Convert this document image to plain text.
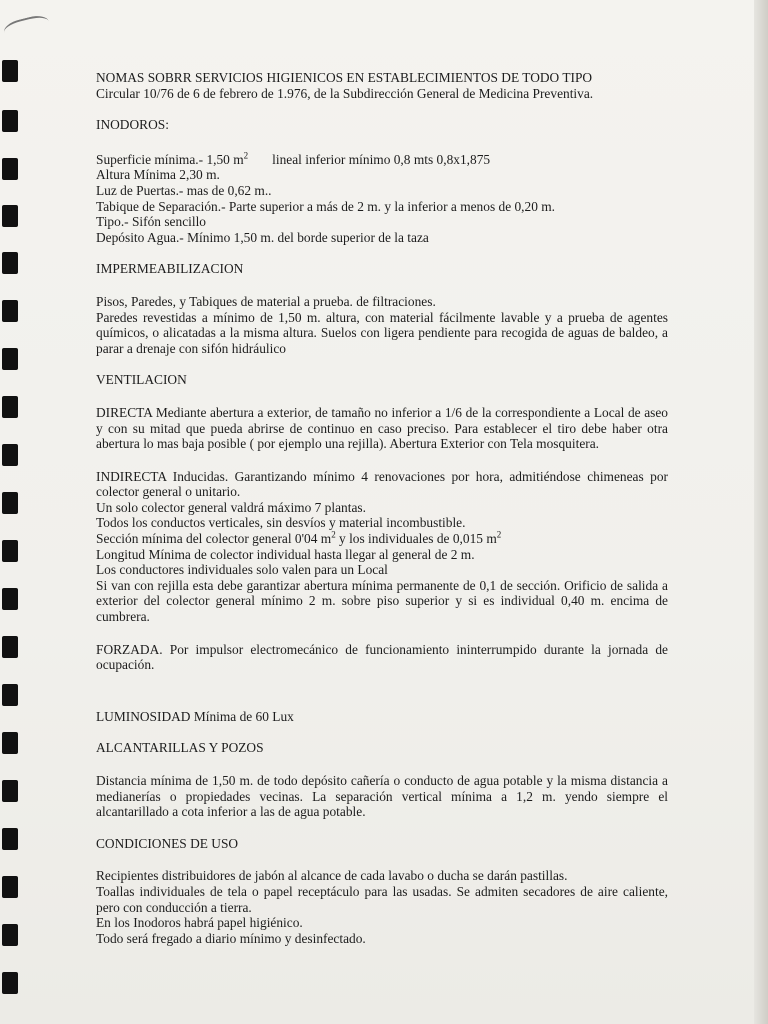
NOMAS SOBRR SERVICIOS HIGIENICOS EN ESTABLECIMIENTOS DE TODO TIPO

Circular 10/76 de 6 de febrero de 1.976, de la Subdirección General de Medicina Preventiva.

INODOROS:

Superficie mínima.- 1,50 $m^2$ lineal inferior mínimo 0,8 mts 0,8x1,875

Altura Mínima 2,30 m.

Luz de Puertas.- mas de 0,62 m..

Tabique de Separación.- Parte superior a más de 2 m. y la inferior a menos de 0,20 m.

Tipo.- Sifón sencillo

Depósito Agua.- Mínimo 1,50 m. del borde superior de la taza

IMPERMEABILIZACION

Pisos, Paredes, y Tabiques de material a prueba. de filtraciones.

Paredes revestidas a mínimo de 1,50 m. altura, con material fácilmente lavable y a prueba de agentes químicos, o alicatadas a la misma altura. Suelos con ligera pendiente para recogida de aguas de baldeo, a parar a drenaje con sifón hidráulico

VENTILACION

DIRECTA Mediante abertura a exterior, de tamaño no inferior a 1/6 de la correspondiente a Local de aseo y con su mitad que pueda abrirse de continuo en caso preciso. Para establecer el tiro debe haber otra abertura lo mas baja posible ( por ejemplo una rejilla). Abertura Exterior con Tela mosquitera.

INDIRECTA Inducidas. Garantizando mínimo 4 renovaciones por hora, admitiéndose chimeneas por colector general o unitario.

Un solo colector general valdrá máximo 7 plantas.

Todos los conductos verticales, sin desvíos y material incombustible.

Sección mínima del colector general 0'04 $m^2$ y los individuales de 0,015 $m^2$

Longitud Mínima de colector individual hasta llegar al general de 2 m.

Los conductores individuales solo valen para un Local

Si van con rejilla esta debe garantizar abertura mínima permanente de 0,1 de sección. Orificio de salida a exterior del colector general mínimo 2 m. sobre piso superior y si es individual 0,40 m. encima de cumbrera.

FORZADA. Por impulsor electromecánico de funcionamiento ininterrumpido durante la jornada de ocupación.

LUMINOSIDAD Mínima de 60 Lux

ALCANTARILLAS Y POZOS

Distancia mínima de 1,50 m. de todo depósito cañería o conducto de agua potable y la misma distancia a medianerías o propiedades vecinas. La separación vertical mínima a 1,2 m. yendo siempre el alcantarillado a cota inferior a las de agua potable.

CONDICIONES DE USO

Recipientes distribuidores de jabón al alcance de cada lavabo o ducha se darán pastillas.

Toallas individuales de tela o papel receptáculo para las usadas. Se admiten secadores de aire caliente, pero con conducción a tierra.

En los Inodoros habrá papel higiénico.

Todo será fregado a diario mínimo y desinfectado.
